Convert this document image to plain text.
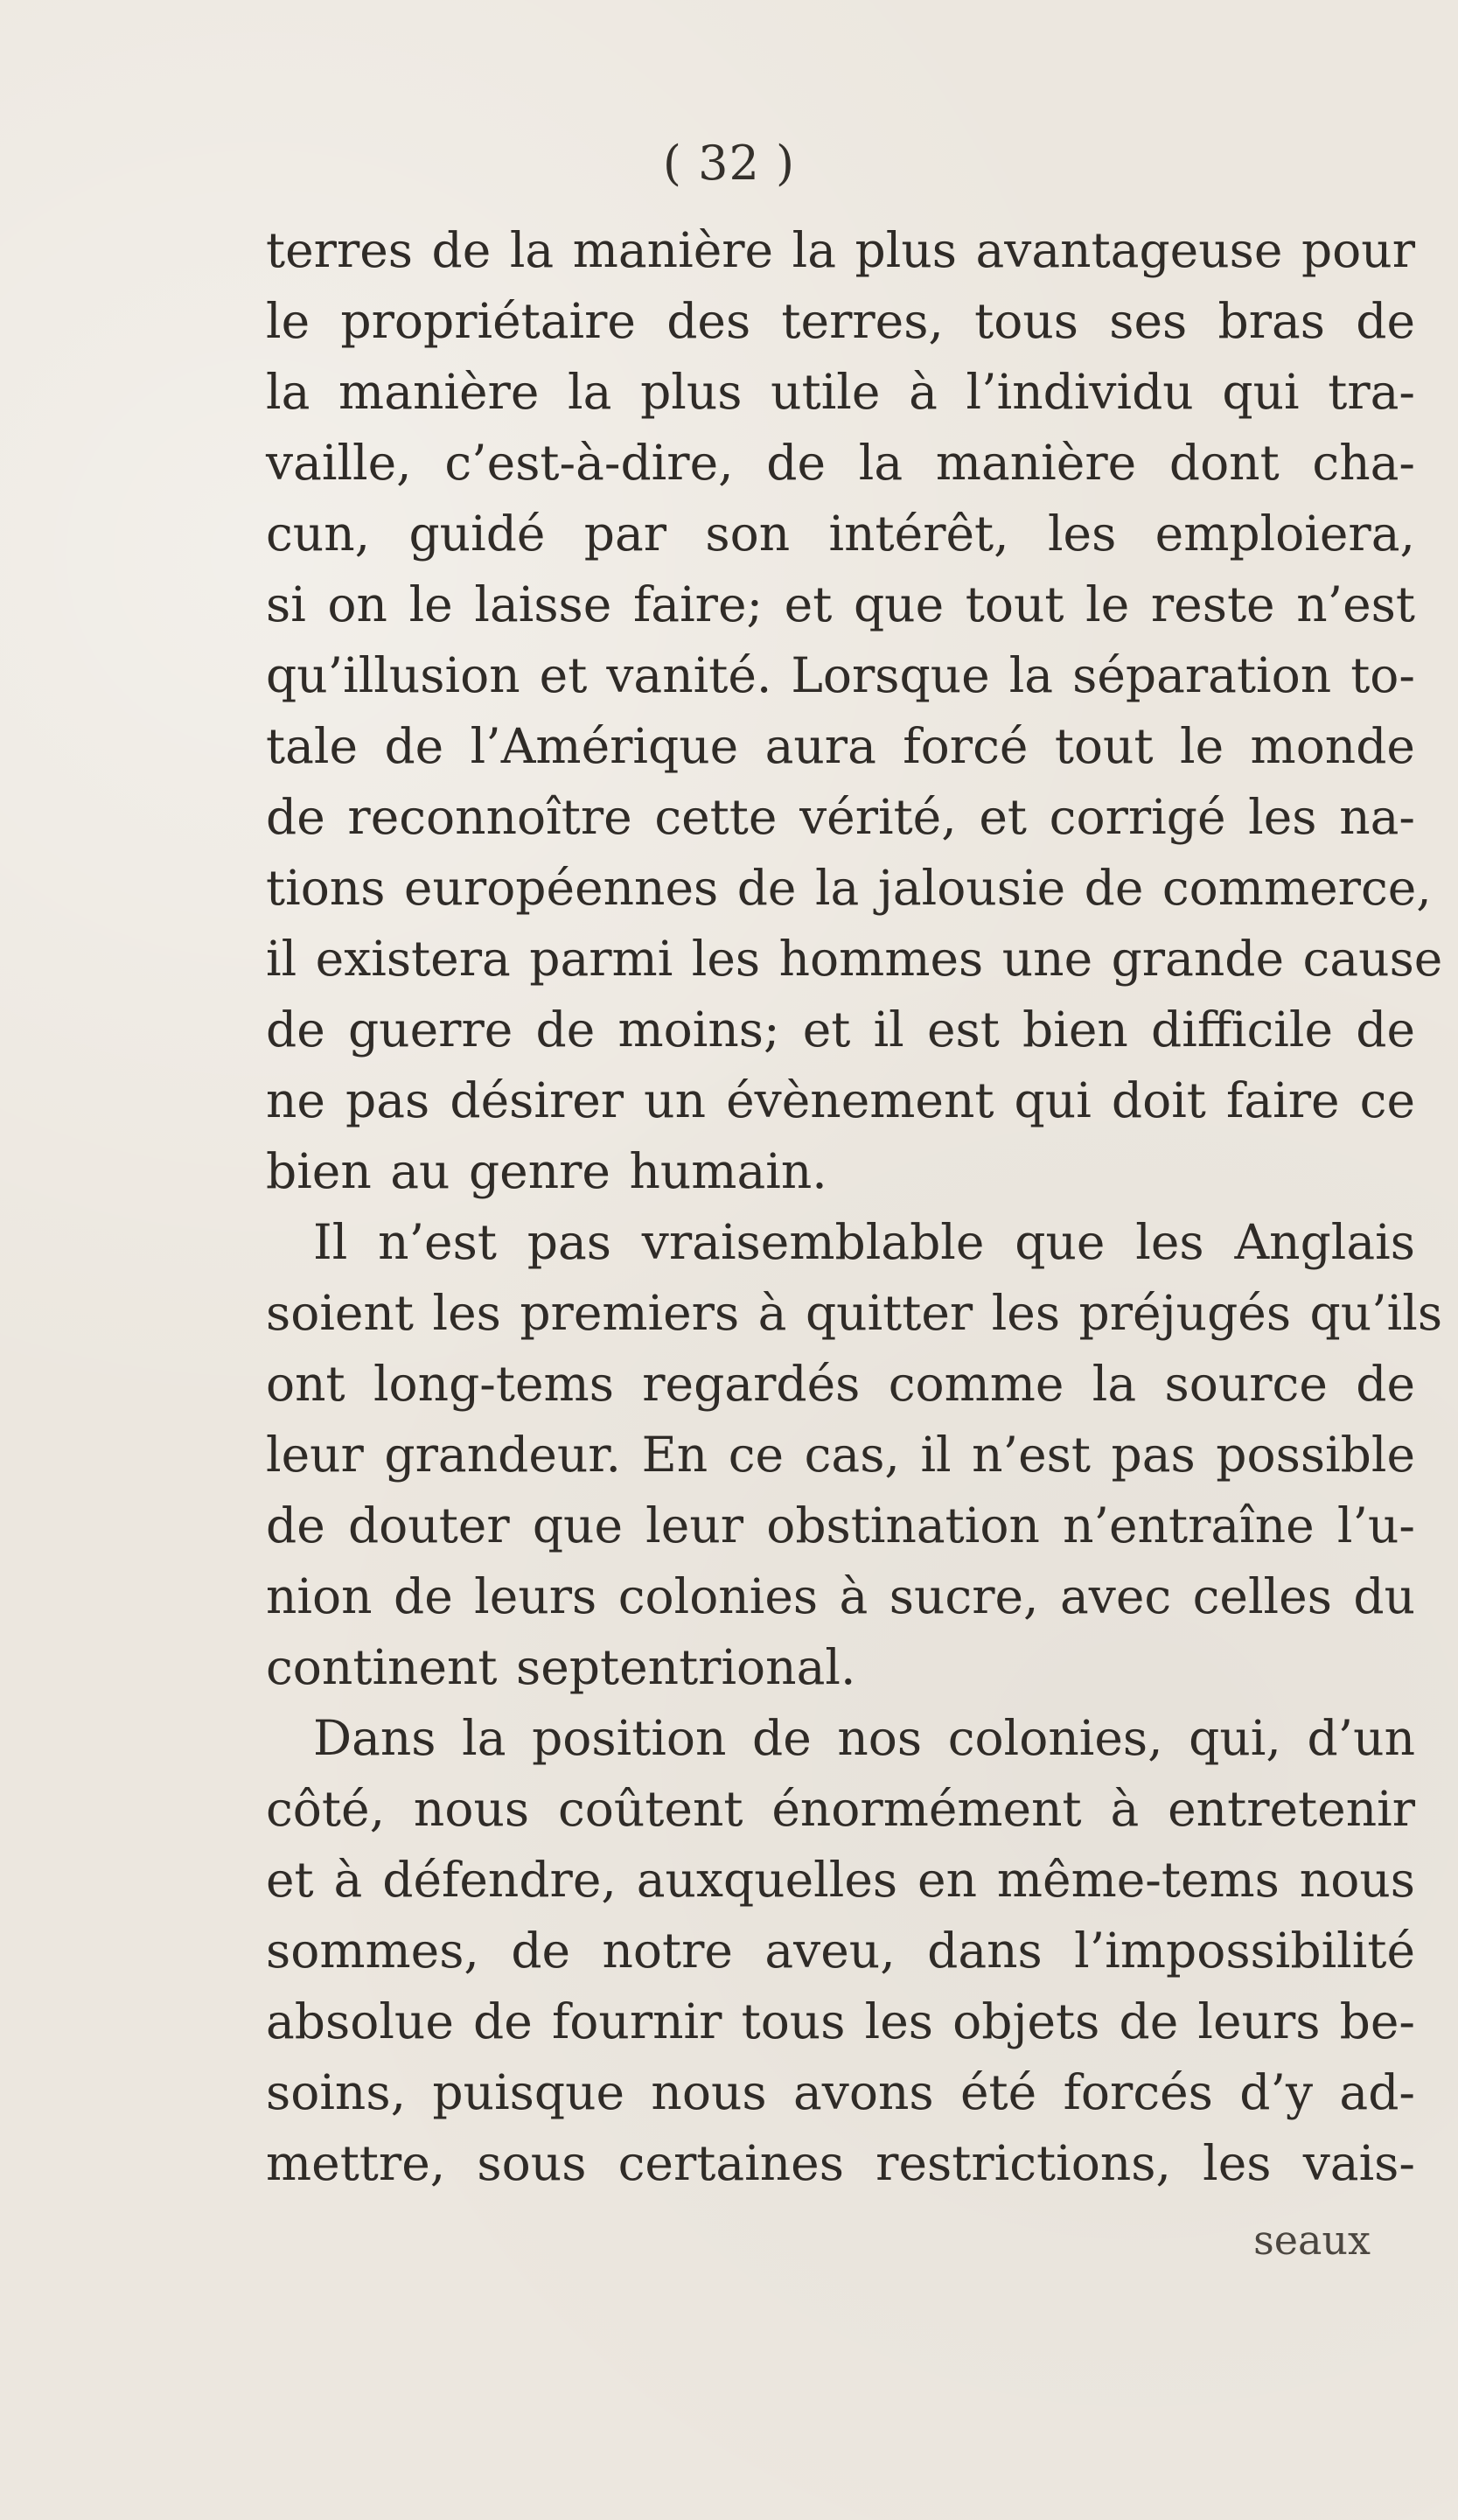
( 32 )
terres de la manière la plus avantageuse pour
le propriétaire des terres, tous ses bras de
la manière la plus utile à l’individu qui tra-
vaille, c’est-à-dire, de la manière dont cha-
cun, guidé par son intérêt, les emploiera,
si on le laisse faire; et que tout le reste n’est
qu’illusion et vanité. Lorsque la séparation to-
tale de l’Amérique aura forcé tout le monde
de reconnoître cette vérité, et corrigé les na-
tions européennes de la jalousie de commerce,
il existera parmi les hommes une grande cause
de guerre de moins; et il est bien difficile de
ne pas désirer un évènement qui doit faire ce
bien au genre humain.
Il n’est pas vraisemblable que les Anglais
soient les premiers à quitter les préjugés qu’ils
ont long-tems regardés comme la source de
leur grandeur. En ce cas, il n’est pas possible
de douter que leur obstination n’entraîne l’u-
nion de leurs colonies à sucre, avec celles du
continent septentrional.
Dans la position de nos colonies, qui, d’un
côté, nous coûtent énormément à entretenir
et à défendre, auxquelles en même-tems nous
sommes, de notre aveu, dans l’impossibilité
absolue de fournir tous les objets de leurs be-
soins, puisque nous avons été forcés d’y ad-
mettre, sous certaines restrictions, les vais-
seaux
